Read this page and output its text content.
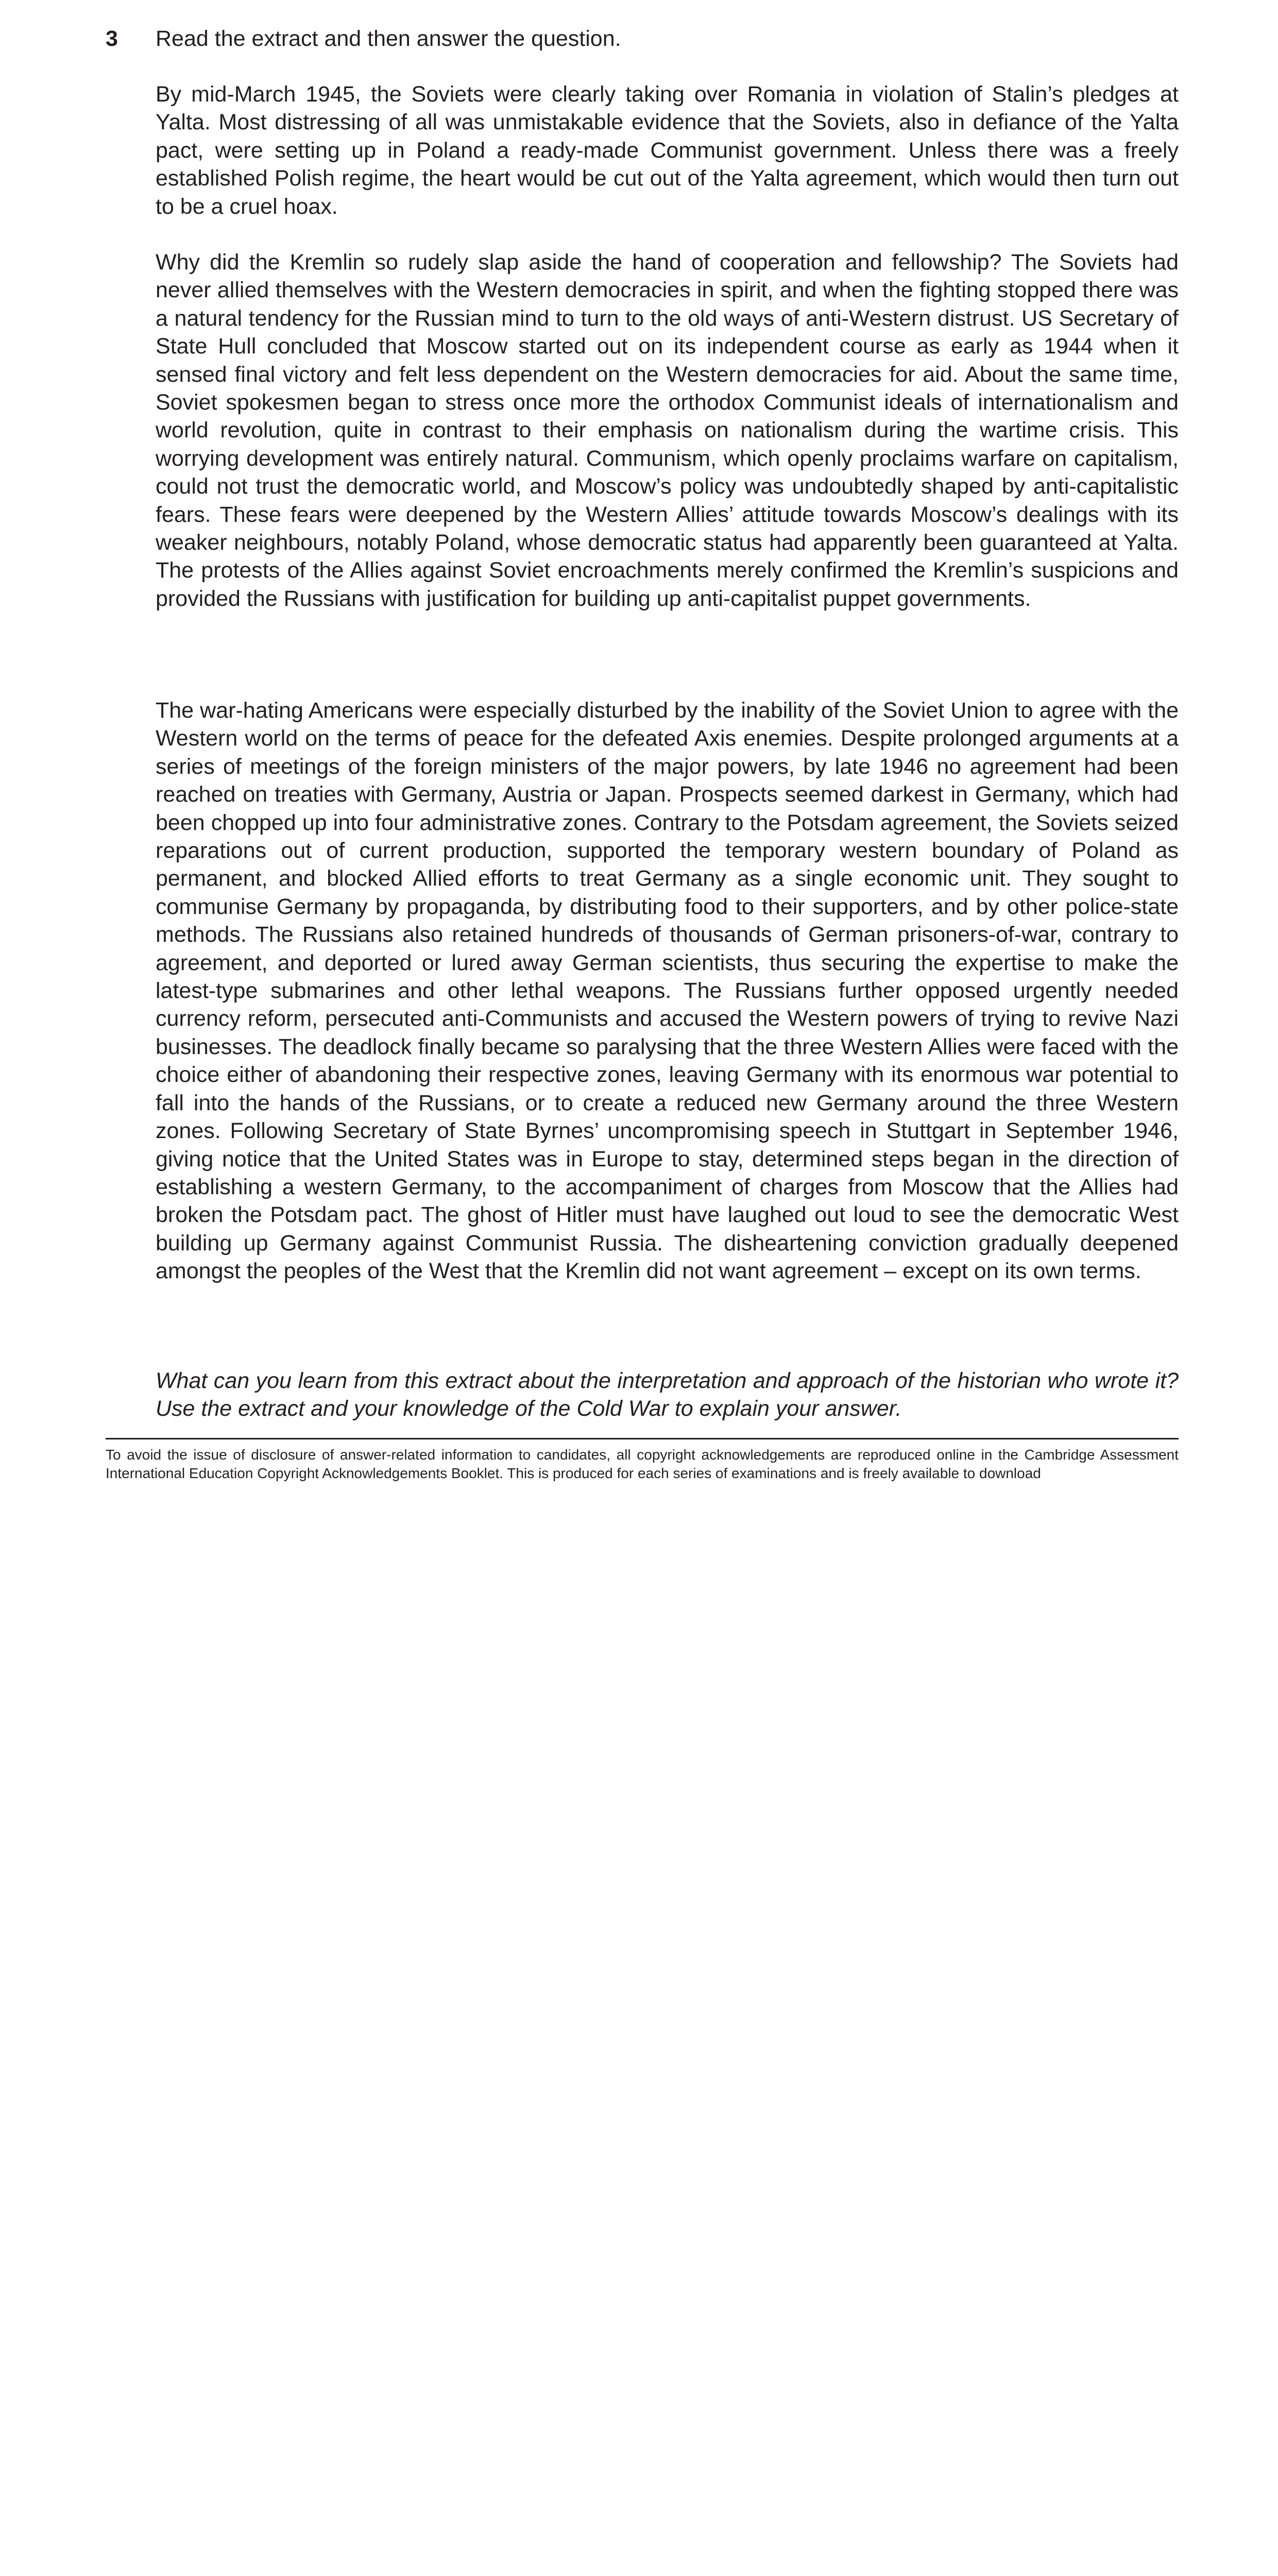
3 Read the extract and then answer the question.

By mid-March 1945, the Soviets were clearly taking over Romania in violation of Stalin’s pledges at Yalta. Most distressing of all was unmistakable evidence that the Soviets, also in defiance of the Yalta pact, were setting up in Poland a ready-made Communist government. Unless there was a freely established Polish regime, the heart would be cut out of the Yalta agreement, which would then turn out to be a cruel hoax.

Why did the Kremlin so rudely slap aside the hand of cooperation and fellowship? The Soviets had never allied themselves with the Western democracies in spirit, and when the fighting stopped there was a natural tendency for the Russian mind to turn to the old ways of anti-Western distrust. US Secretary of State Hull concluded that Moscow started out on its independent course as early as 1944 when it sensed final victory and felt less dependent on the Western democracies for aid. About the same time, Soviet spokesmen began to stress once more the orthodox Communist ideals of internationalism and world revolution, quite in contrast to their emphasis on nationalism during the wartime crisis. This worrying development was entirely natural. Communism, which openly proclaims warfare on capitalism, could not trust the democratic world, and Moscow’s policy was undoubtedly shaped by anti-capitalistic fears. These fears were deepened by the Western Allies’ attitude towards Moscow’s dealings with its weaker neighbours, notably Poland, whose democratic status had apparently been guaranteed at Yalta. The protests of the Allies against Soviet encroachments merely confirmed the Kremlin’s suspicions and provided the Russians with justification for building up anti-capitalist puppet governments.

The war-hating Americans were especially disturbed by the inability of the Soviet Union to agree with the Western world on the terms of peace for the defeated Axis enemies. Despite prolonged arguments at a series of meetings of the foreign ministers of the major powers, by late 1946 no agreement had been reached on treaties with Germany, Austria or Japan. Prospects seemed darkest in Germany, which had been chopped up into four administrative zones. Contrary to the Potsdam agreement, the Soviets seized reparations out of current production, supported the temporary western boundary of Poland as permanent, and blocked Allied efforts to treat Germany as a single economic unit. They sought to communise Germany by propaganda, by distributing food to their supporters, and by other police-state methods. The Russians also retained hundreds of thousands of German prisoners-of-war, contrary to agreement, and deported or lured away German scientists, thus securing the expertise to make the latest-type submarines and other lethal weapons. The Russians further opposed urgently needed currency reform, persecuted anti-Communists and accused the Western powers of trying to revive Nazi businesses. The deadlock finally became so paralysing that the three Western Allies were faced with the choice either of abandoning their respective zones, leaving Germany with its enormous war potential to fall into the hands of the Russians, or to create a reduced new Germany around the three Western zones. Following Secretary of State Byrnes’ uncompromising speech in Stuttgart in September 1946, giving notice that the United States was in Europe to stay, determined steps began in the direction of establishing a western Germany, to the accompaniment of charges from Moscow that the Allies had broken the Potsdam pact. The ghost of Hitler must have laughed out loud to see the democratic West building up Germany against Communist Russia. The disheartening conviction gradually deepened amongst the peoples of the West that the Kremlin did not want agreement – except on its own terms.

What can you learn from this extract about the interpretation and approach of the historian who wrote it? Use the extract and your knowledge of the Cold War to explain your answer.

To avoid the issue of disclosure of answer-related information to candidates, all copyright acknowledgements are reproduced online in the Cambridge Assessment International Education Copyright Acknowledgements Booklet. This is produced for each series of examinations and is freely available to download
